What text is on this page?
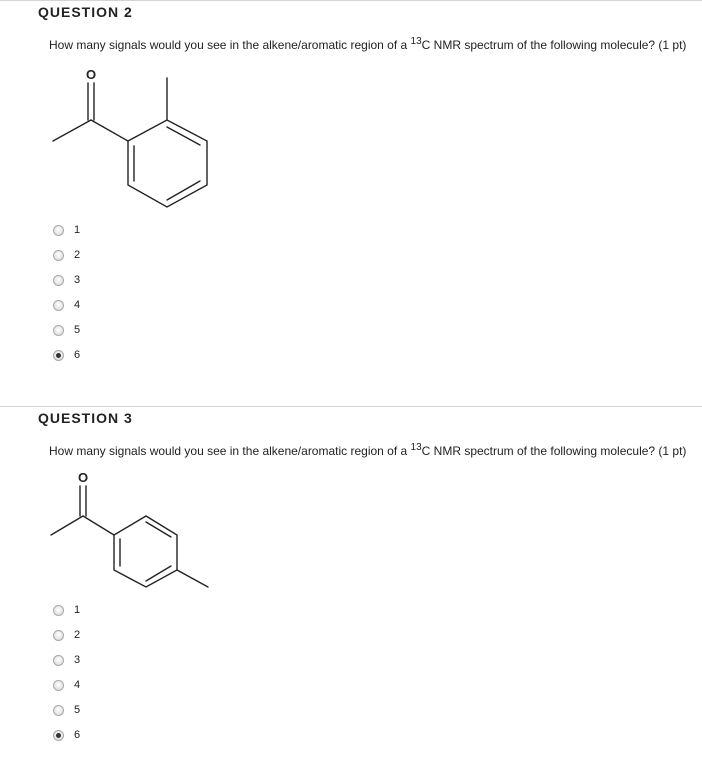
QUESTION 2
How many signals would you see in the alkene/aromatic region of a $^{13}$C NMR spectrum of the following molecule? (1 pt)
O
1
2
3
4
5
6
QUESTION 3
How many signals would you see in the alkene/aromatic region of a $^{13}$C NMR spectrum of the following molecule? (1 pt)
O
1
2
3
4
5
6
